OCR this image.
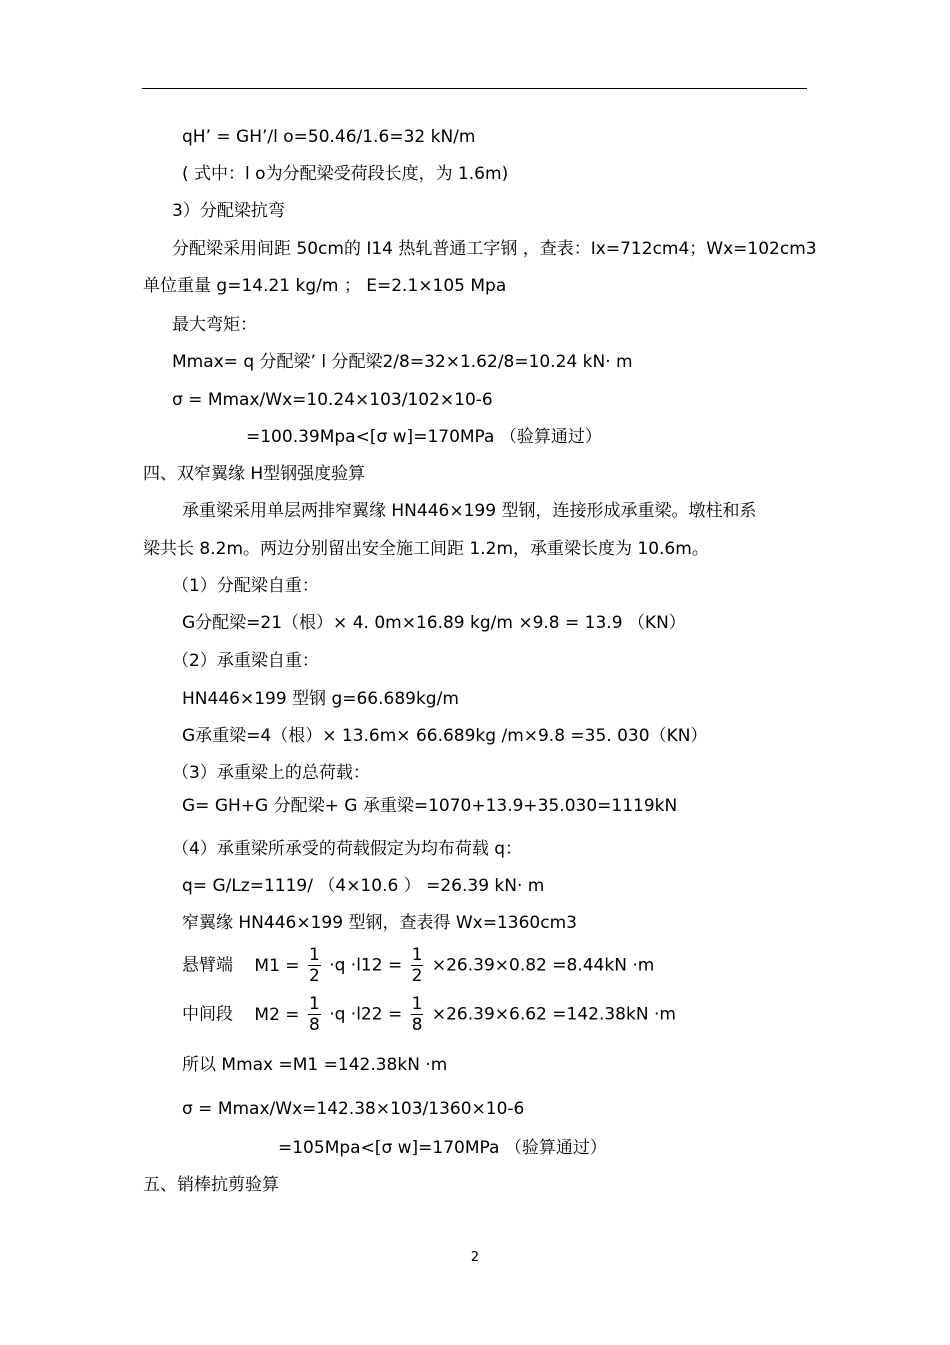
qH’ = GH’/l o=50.46/1.6=32 kN/m
( 式中：l o为分配梁受荷段长度，为 1.6m)
3）分配梁抗弯
分配梁采用间距 50cm的 I14 热轧普通工字钢 ，查表：Ix=712cm4；Wx=102cm3
单位重量 g=14.21 kg/m ； E=2.1×105 Mpa
最大弯矩：
Mmax= q 分配梁’ l 分配梁2/8=32×1.62/8=10.24 kN· m
σ = Mmax/Wx=10.24×103/102×10-6
=100.39Mpa<[σ w]=170MPa （验算通过）
四、双窄翼缘 H型钢强度验算
承重梁采用单层两排窄翼缘 HN446×199 型钢，连接形成承重梁。墩柱和系
梁共长 8.2m。两边分别留出安全施工间距 1.2m，承重梁长度为 10.6m。
（1）分配梁自重：
G分配梁=21（根）× 4. 0m×16.89 kg/m ×9.8 = 13.9 （KN）
（2）承重梁自重：
HN446×199 型钢 g=66.689kg/m
G承重梁=4（根）× 13.6m× 66.689kg /m×9.8 =35. 030（KN）
（3）承重梁上的总荷载：
G= GH+G 分配梁+ G 承重梁=1070+13.9+35.030=1119kN
（4）承重梁所承受的荷载假定为均布荷载 q：
q= G/Lz=1119/ （4×10.6 ） =26.39 kN· m
窄翼缘 HN446×199 型钢，查表得 Wx=1360cm3
悬臂端 $M1 = \frac{1}{2} \cdot q \cdot l12 = \frac{1}{2} \times 26.39\times 0.82 =8.44kN \cdot m$
中间段 $M2 = \frac{1}{8} \cdot q \cdot l22 = \frac{1}{8} \times 26.39\times 6.62 =142.38kN \cdot m$
所以 Mmax =M1 =142.38kN ·m
σ = Mmax/Wx=142.38×103/1360×10-6
=105Mpa<[σ w]=170MPa （验算通过）
五、销棒抗剪验算
2
